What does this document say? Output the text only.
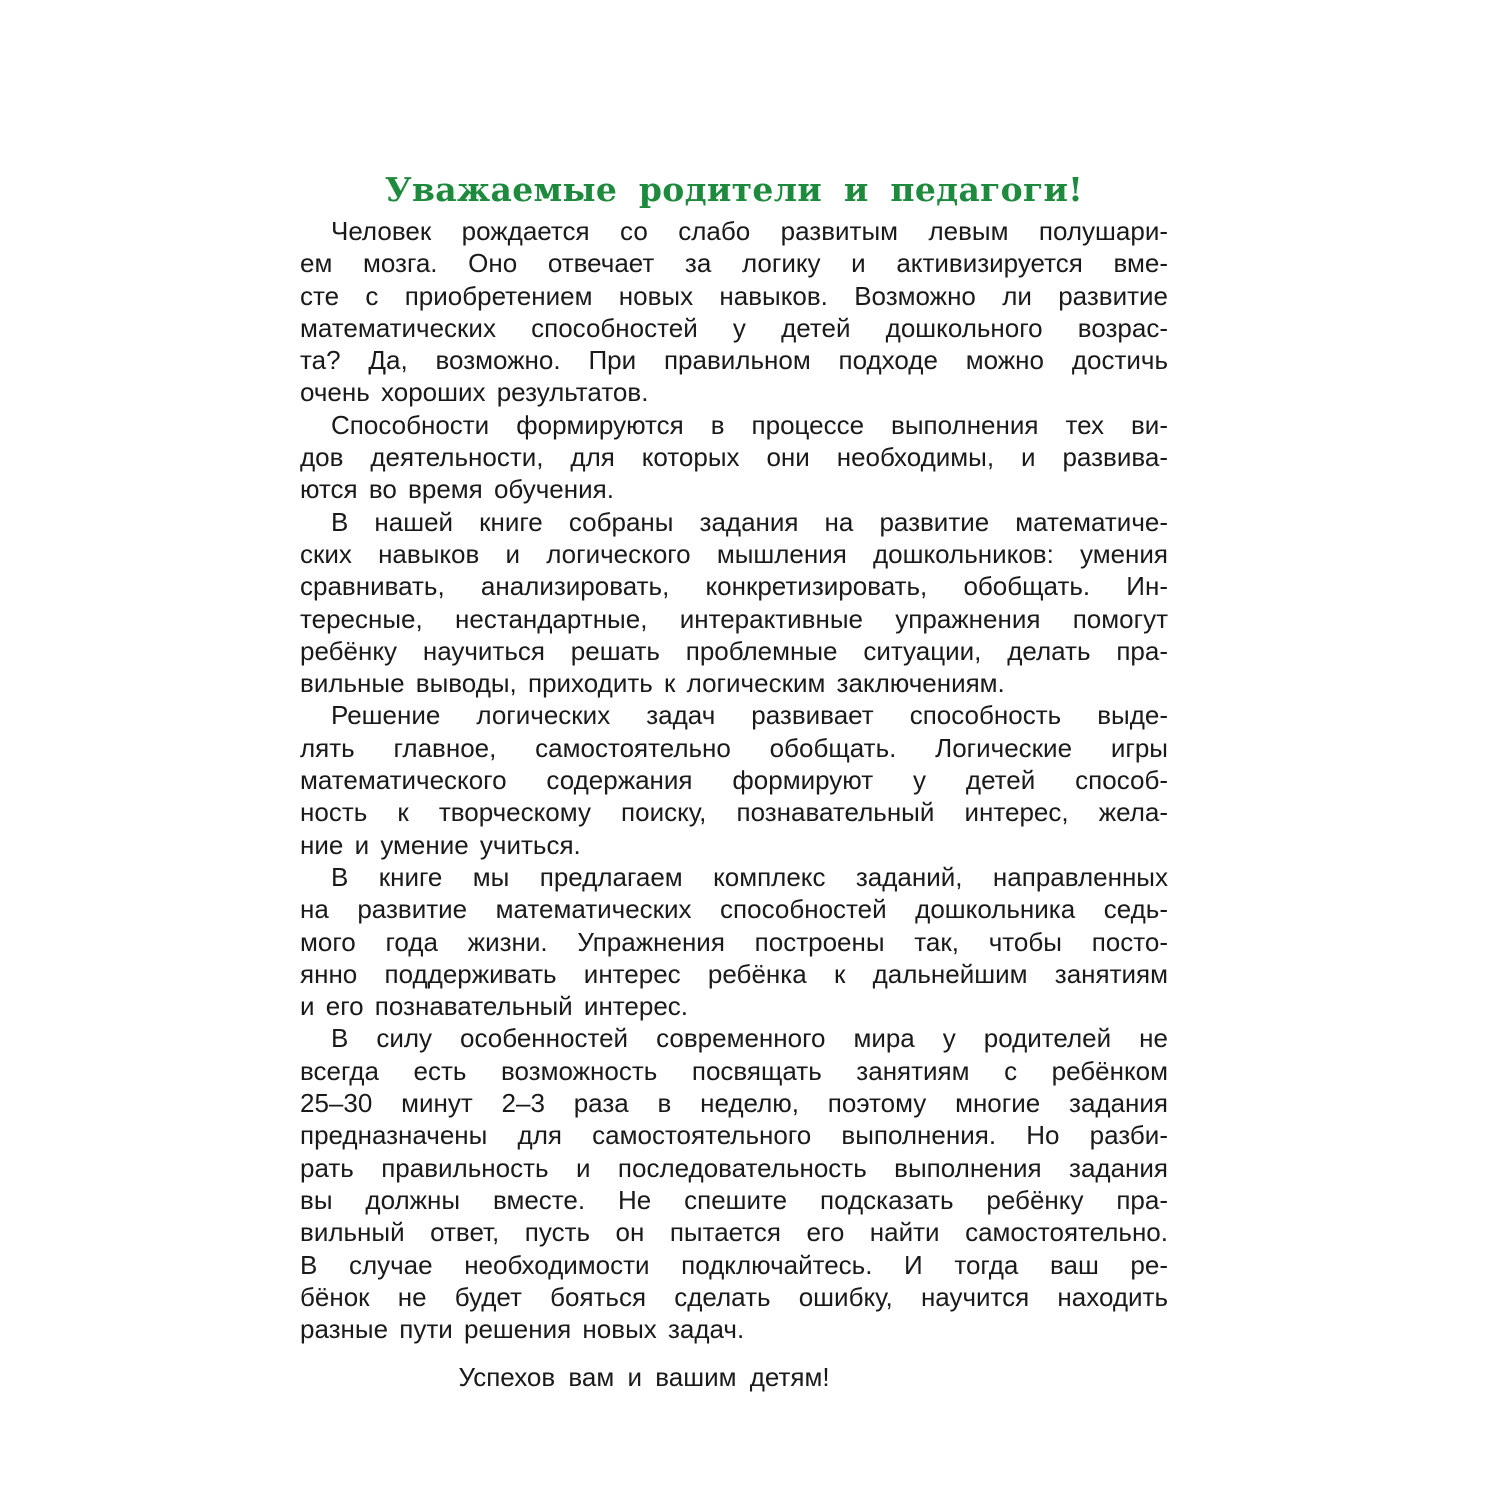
Уважаемые родители и педагоги!
Человек рождается со слабо развитым левым полушари-
ем мозга. Оно отвечает за логику и активизируется вме-
сте с приобретением новых навыков. Возможно ли развитие
математических способностей у детей дошкольного возрас-
та? Да, возможно. При правильном подходе можно достичь
очень хороших результатов.
Способности формируются в процессе выполнения тех ви-
дов деятельности, для которых они необходимы, и развива-
ются во время обучения.
В нашей книге собраны задания на развитие математиче-
ских навыков и логического мышления дошкольников: умения
сравнивать, анализировать, конкретизировать, обобщать. Ин-
тересные, нестандартные, интерактивные упражнения помогут
ребёнку научиться решать проблемные ситуации, делать пра-
вильные выводы, приходить к логическим заключениям.
Решение логических задач развивает способность выде-
лять главное, самостоятельно обобщать. Логические игры
математического содержания формируют у детей способ-
ность к творческому поиску, познавательный интерес, жела-
ние и умение учиться.
В книге мы предлагаем комплекс заданий, направленных
на развитие математических способностей дошкольника седь-
мого года жизни. Упражнения построены так, чтобы посто-
янно поддерживать интерес ребёнка к дальнейшим занятиям
и его познавательный интерес.
В силу особенностей современного мира у родителей не
всегда есть возможность посвящать занятиям с ребёнком
25–30 минут 2–3 раза в неделю, поэтому многие задания
предназначены для самостоятельного выполнения. Но разби-
рать правильность и последовательность выполнения задания
вы должны вместе. Не спешите подсказать ребёнку пра-
вильный ответ, пусть он пытается его найти самостоятельно.
В случае необходимости подключайтесь. И тогда ваш ре-
бёнок не будет бояться сделать ошибку, научится находить
разные пути решения новых задач.
Успехов вам и вашим детям!
